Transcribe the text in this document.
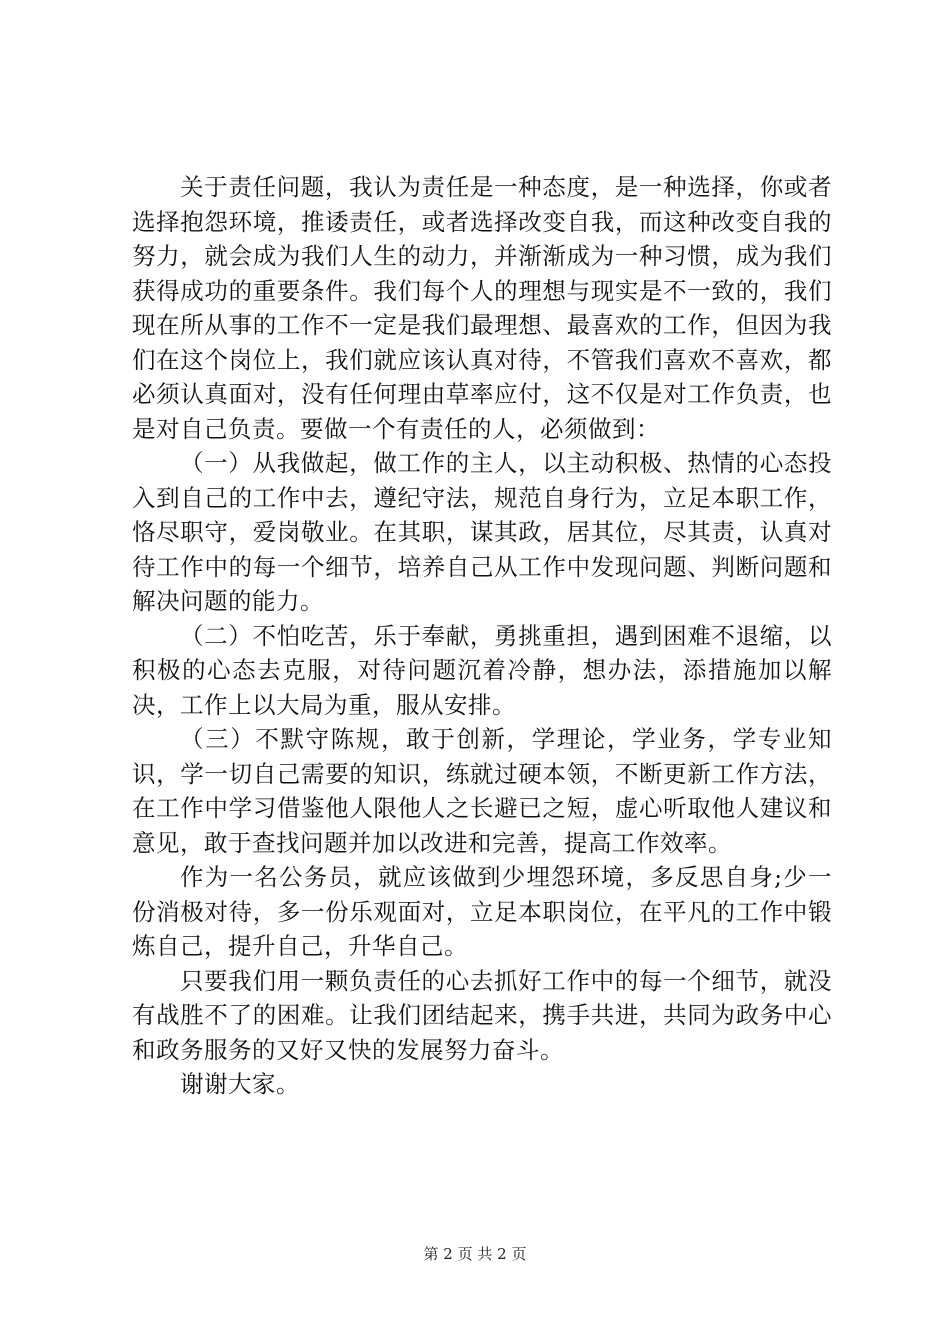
关于责任问题，我认为责任是一种态度，是一种选择，你或者选择抱怨环境，推诿责任，或者选择改变自我，而这种改变自我的努力，就会成为我们人生的动力，并渐渐成为一种习惯，成为我们获得成功的重要条件。我们每个人的理想与现实是不一致的，我们现在所从事的工作不一定是我们最理想、最喜欢的工作，但因为我们在这个岗位上，我们就应该认真对待，不管我们喜欢不喜欢，都必须认真面对，没有任何理由草率应付，这不仅是对工作负责，也是对自己负责。要做一个有责任的人，必须做到：

（一）从我做起，做工作的主人，以主动积极、热情的心态投入到自己的工作中去，遵纪守法，规范自身行为，立足本职工作，恪尽职守，爱岗敬业。在其职，谋其政，居其位，尽其责，认真对待工作中的每一个细节，培养自己从工作中发现问题、判断问题和解决问题的能力。

（二）不怕吃苦，乐于奉献，勇挑重担，遇到困难不退缩，以积极的心态去克服，对待问题沉着冷静，想办法，添措施加以解决，工作上以大局为重，服从安排。

（三）不默守陈规，敢于创新，学理论，学业务，学专业知识，学一切自己需要的知识，练就过硬本领，不断更新工作方法，在工作中学习借鉴他人限他人之长避已之短，虚心听取他人建议和意见，敢于查找问题并加以改进和完善，提高工作效率。

作为一名公务员，就应该做到少埋怨环境，多反思自身;少一份消极对待，多一份乐观面对，立足本职岗位，在平凡的工作中锻炼自己，提升自己，升华自己。

只要我们用一颗负责任的心去抓好工作中的每一个细节，就没有战胜不了的困难。让我们团结起来，携手共进，共同为政务中心和政务服务的又好又快的发展努力奋斗。

谢谢大家。

第 2 页 共 2 页
